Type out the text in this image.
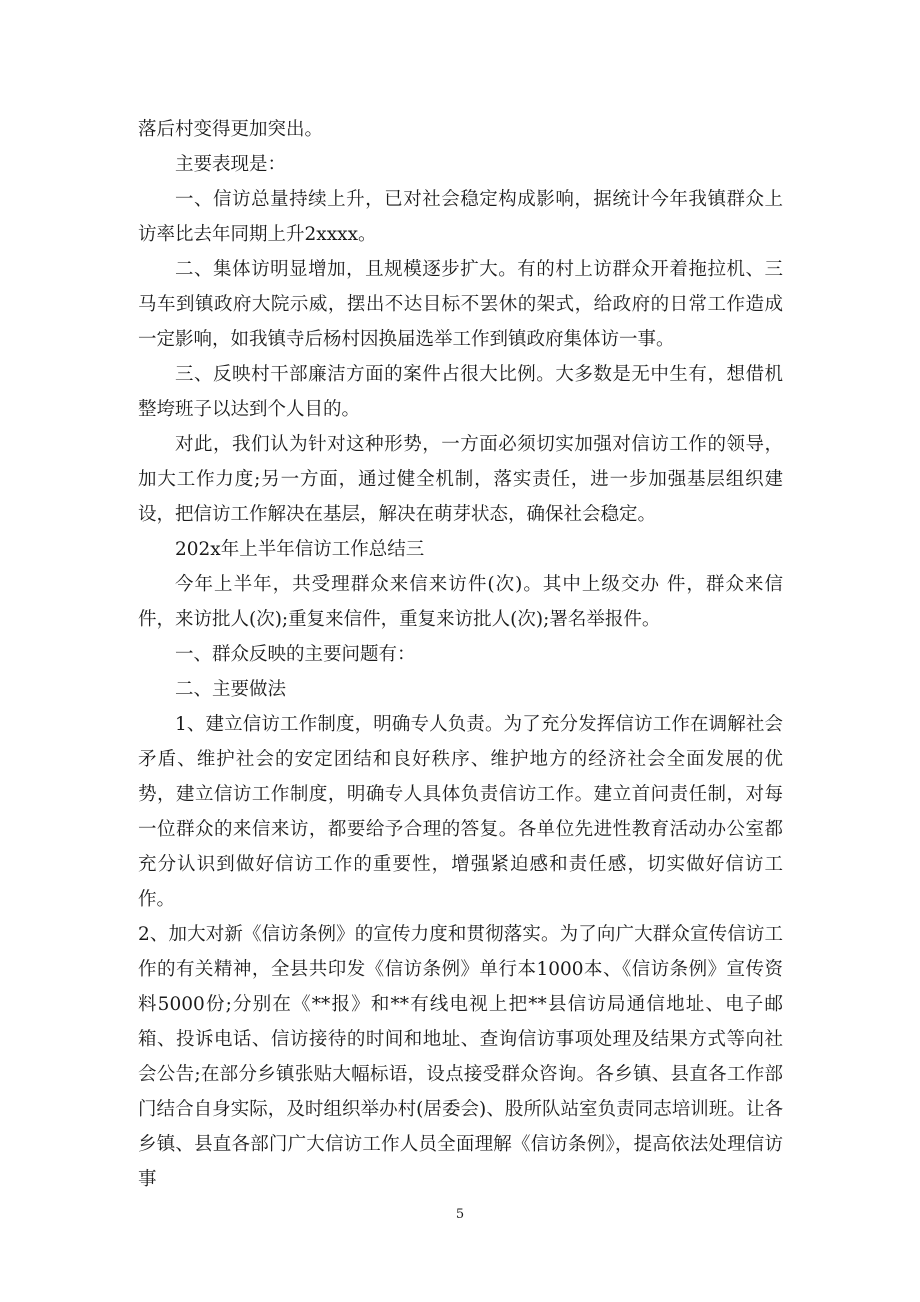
落后村变得更加突出。

主要表现是：

一、信访总量持续上升，已对社会稳定构成影响，据统计今年我镇群众上访率比去年同期上升2xxxx。

二、集体访明显增加，且规模逐步扩大。有的村上访群众开着拖拉机、三马车到镇政府大院示威，摆出不达目标不罢休的架式，给政府的日常工作造成一定影响，如我镇寺后杨村因换届选举工作到镇政府集体访一事。

三、反映村干部廉洁方面的案件占很大比例。大多数是无中生有，想借机整垮班子以达到个人目的。

对此，我们认为针对这种形势，一方面必须切实加强对信访工作的领导，加大工作力度;另一方面，通过健全机制，落实责任，进一步加强基层组织建设，把信访工作解决在基层，解决在萌芽状态，确保社会稳定。

202x年上半年信访工作总结三

今年上半年，共受理群众来信来访件(次)。其中上级交办 件，群众来信件，来访批人(次);重复来信件，重复来访批人(次);署名举报件。

一、群众反映的主要问题有：

二、主要做法

1、建立信访工作制度，明确专人负责。为了充分发挥信访工作在调解社会矛盾、维护社会的安定团结和良好秩序、维护地方的经济社会全面发展的优势，建立信访工作制度，明确专人具体负责信访工作。建立首问责任制，对每一位群众的来信来访，都要给予合理的答复。各单位先进性教育活动办公室都充分认识到做好信访工作的重要性，增强紧迫感和责任感，切实做好信访工作。

2、加大对新《信访条例》的宣传力度和贯彻落实。为了向广大群众宣传信访工作的有关精神，全县共印发《信访条例》单行本1000本、《信访条例》宣传资料5000份;分别在《**报》和**有线电视上把**县信访局通信地址、电子邮箱、投诉电话、信访接待的时间和地址、查询信访事项处理及结果方式等向社会公告;在部分乡镇张贴大幅标语，设点接受群众咨询。各乡镇、县直各工作部门结合自身实际，及时组织举办村(居委会)、股所队站室负责同志培训班。让各乡镇、县直各部门广大信访工作人员全面理解《信访条例》，提高依法处理信访事

5
